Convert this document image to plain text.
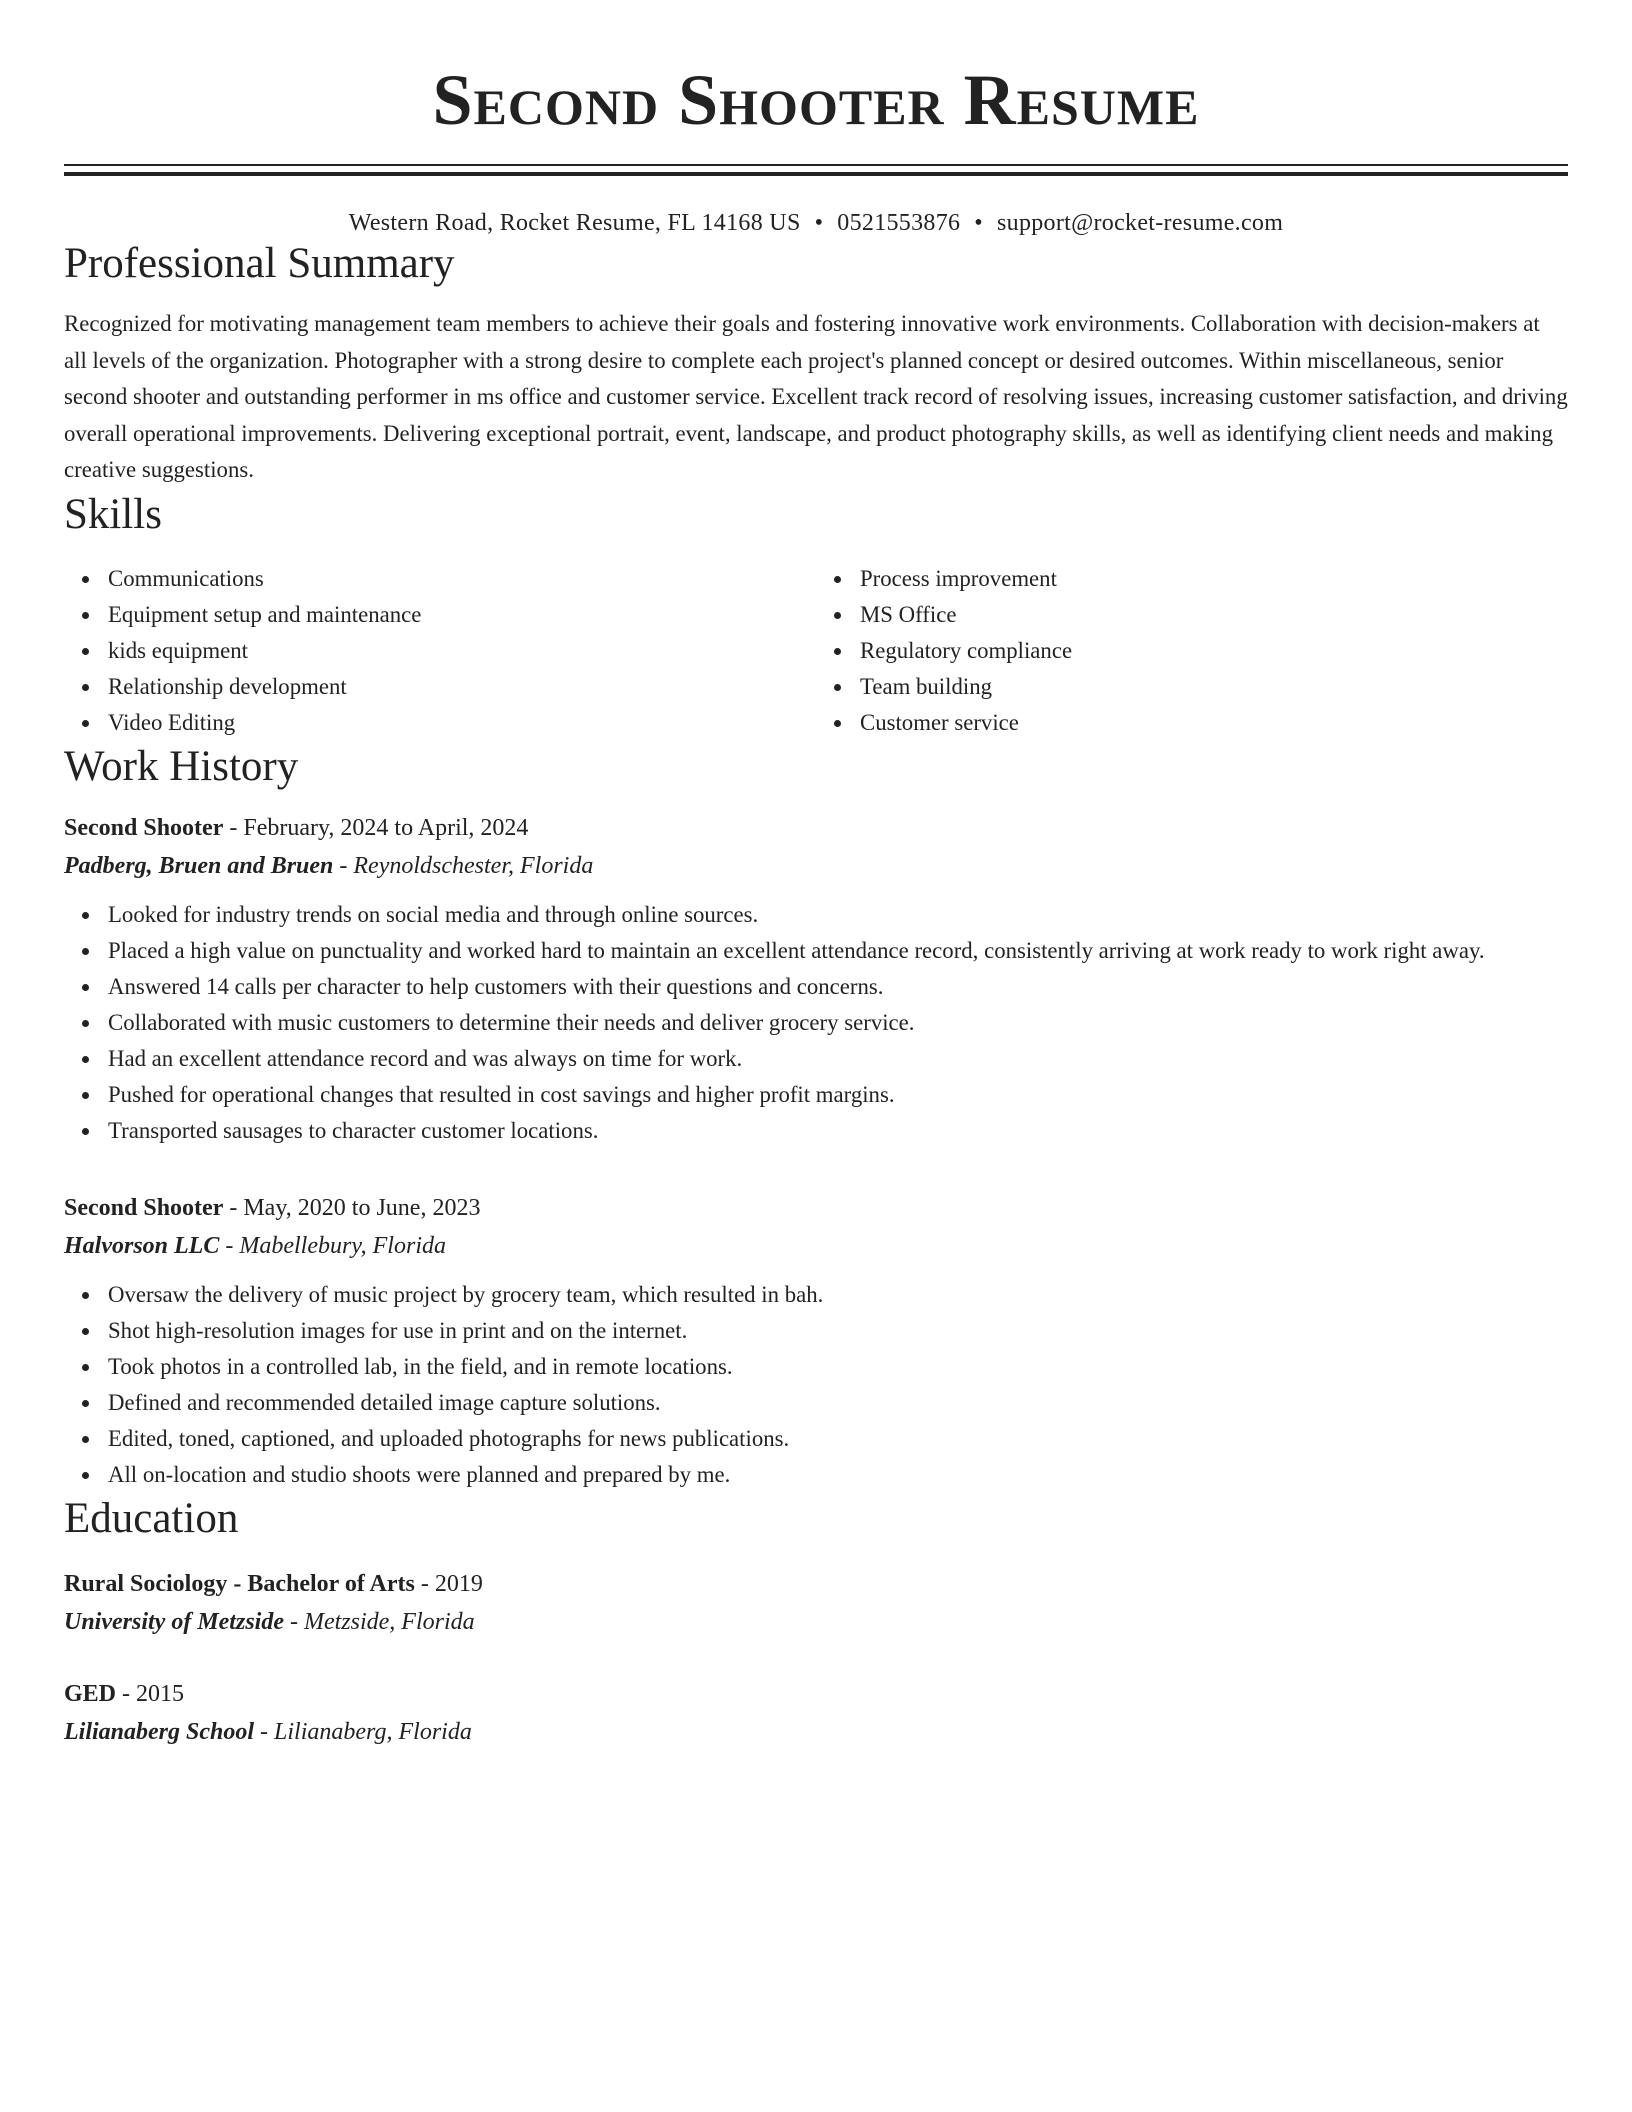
Second Shooter Resume
Western Road, Rocket Resume, FL 14168 US • 0521553876 • support@rocket-resume.com
Professional Summary
Recognized for motivating management team members to achieve their goals and fostering innovative work environments. Collaboration with decision-makers at all levels of the organization. Photographer with a strong desire to complete each project's planned concept or desired outcomes. Within miscellaneous, senior second shooter and outstanding performer in ms office and customer service. Excellent track record of resolving issues, increasing customer satisfaction, and driving overall operational improvements. Delivering exceptional portrait, event, landscape, and product photography skills, as well as identifying client needs and making creative suggestions.
Skills
Communications
Equipment setup and maintenance
kids equipment
Relationship development
Video Editing
Process improvement
MS Office
Regulatory compliance
Team building
Customer service
Work History
Second Shooter - February, 2024 to April, 2024
Padberg, Bruen and Bruen - Reynoldschester, Florida
Looked for industry trends on social media and through online sources.
Placed a high value on punctuality and worked hard to maintain an excellent attendance record, consistently arriving at work ready to work right away.
Answered 14 calls per character to help customers with their questions and concerns.
Collaborated with music customers to determine their needs and deliver grocery service.
Had an excellent attendance record and was always on time for work.
Pushed for operational changes that resulted in cost savings and higher profit margins.
Transported sausages to character customer locations.
Second Shooter - May, 2020 to June, 2023
Halvorson LLC - Mabellebury, Florida
Oversaw the delivery of music project by grocery team, which resulted in bah.
Shot high-resolution images for use in print and on the internet.
Took photos in a controlled lab, in the field, and in remote locations.
Defined and recommended detailed image capture solutions.
Edited, toned, captioned, and uploaded photographs for news publications.
All on-location and studio shoots were planned and prepared by me.
Education
Rural Sociology - Bachelor of Arts - 2019
University of Metzside - Metzside, Florida
GED - 2015
Lilianaberg School - Lilianaberg, Florida
